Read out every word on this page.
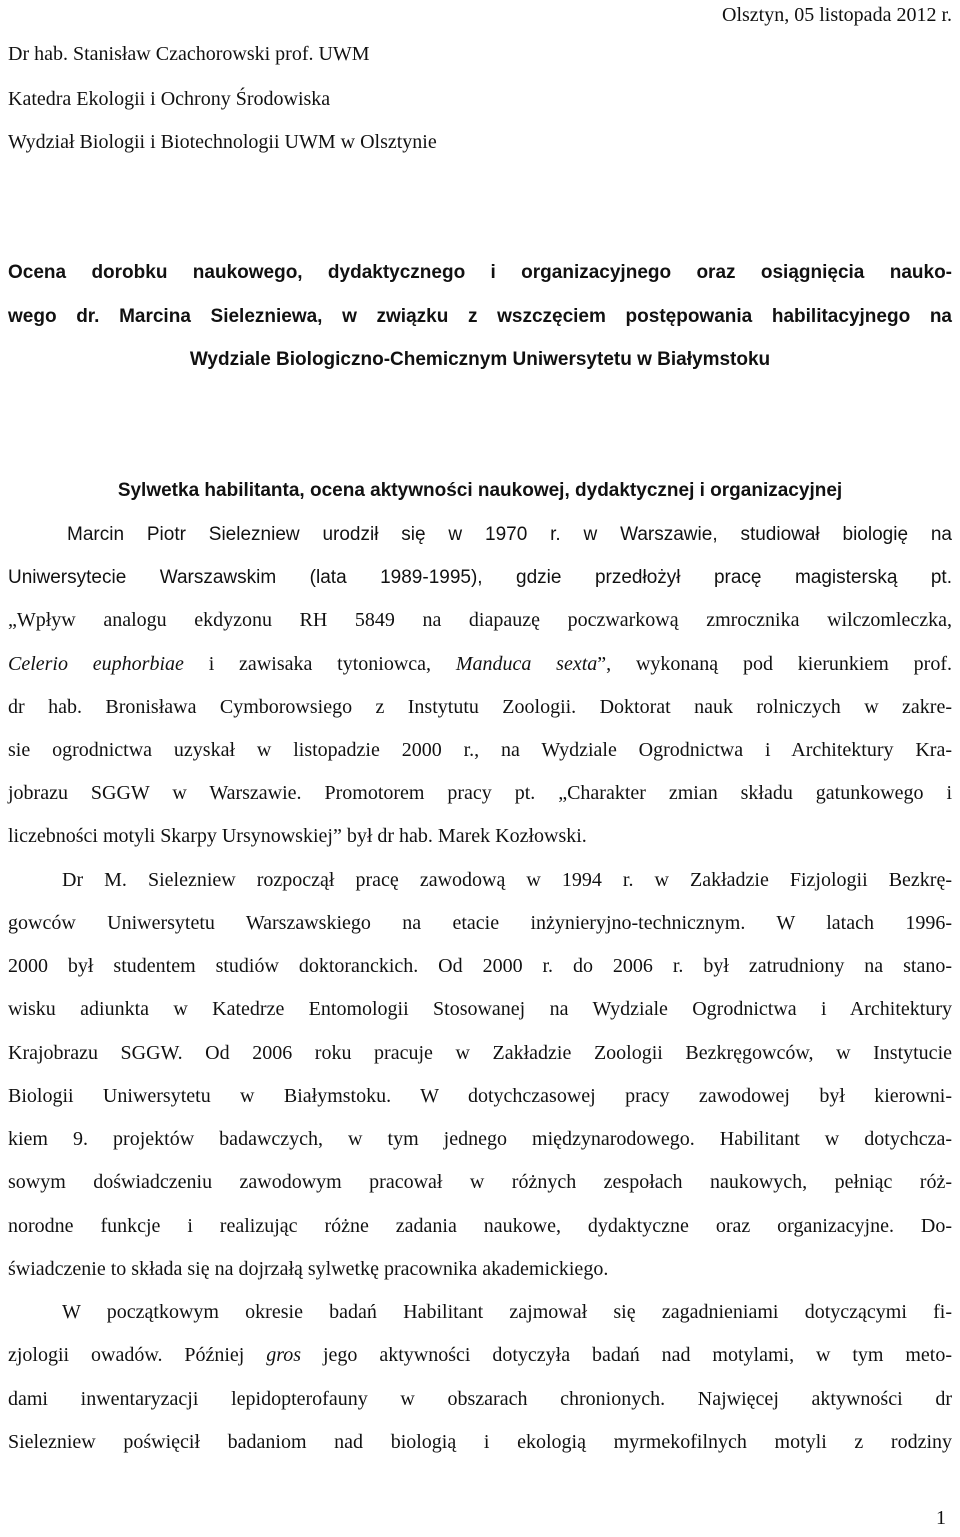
Olsztyn, 05 listopada 2012 r.
Dr hab. Stanisław Czachorowski prof. UWM
Katedra Ekologii i Ochrony Środowiska
Wydział Biologii i Biotechnologii UWM w Olsztynie
Ocena dorobku naukowego, dydaktycznego i organizacyjnego oraz osiągnięcia nauko-
wego dr. Marcina Sielezniewa, w związku z wszczęciem postępowania habilitacyjnego na
Wydziale Biologiczno-Chemicznym Uniwersytetu w Białymstoku
Sylwetka habilitanta, ocena aktywności naukowej, dydaktycznej i organizacyjnej
Marcin Piotr Sielezniew urodził się w 1970 r. w Warszawie, studiował biologię na
Uniwersytecie Warszawskim (lata 1989-1995), gdzie przedłożył pracę magisterską pt.
„Wpływ analogu ekdyzonu RH 5849 na diapauzę poczwarkową zmrocznika wilczomleczka,
Celerio euphorbiae i zawisaka tytoniowca, Manduca sexta”, wykonaną pod kierunkiem prof.
dr hab. Bronisława Cymborowsiego z Instytutu Zoologii. Doktorat nauk rolniczych w zakre-
sie ogrodnictwa uzyskał w listopadzie 2000 r., na Wydziale Ogrodnictwa i Architektury Kra-
jobrazu SGGW w Warszawie. Promotorem pracy pt. „Charakter zmian składu gatunkowego i
liczebności motyli Skarpy Ursynowskiej” był dr hab. Marek Kozłowski.
Dr M. Sielezniew rozpoczął pracę zawodową w 1994 r. w Zakładzie Fizjologii Bezkrę-
gowców Uniwersytetu Warszawskiego na etacie inżynieryjno-technicznym. W latach 1996-
2000 był studentem studiów doktoranckich. Od 2000 r. do 2006 r. był zatrudniony na stano-
wisku adiunkta w Katedrze Entomologii Stosowanej na Wydziale Ogrodnictwa i Architektury
Krajobrazu SGGW. Od 2006 roku pracuje w Zakładzie Zoologii Bezkręgowców, w Instytucie
Biologii Uniwersytetu w Białymstoku. W dotychczasowej pracy zawodowej był kierowni-
kiem 9. projektów badawczych, w tym jednego międzynarodowego. Habilitant w dotychcza-
sowym doświadczeniu zawodowym pracował w różnych zespołach naukowych, pełniąc róż-
norodne funkcje i realizując różne zadania naukowe, dydaktyczne oraz organizacyjne. Do-
świadczenie to składa się na dojrzałą sylwetkę pracownika akademickiego.
W początkowym okresie badań Habilitant zajmował się zagadnieniami dotyczącymi fi-
zjologii owadów. Później gros jego aktywności dotyczyła badań nad motylami, w tym meto-
dami inwentaryzacji lepidopterofauny w obszarach chronionych. Najwięcej aktywności dr
Sielezniew poświęcił badaniom nad biologią i ekologią myrmekofilnych motyli z rodziny
1
